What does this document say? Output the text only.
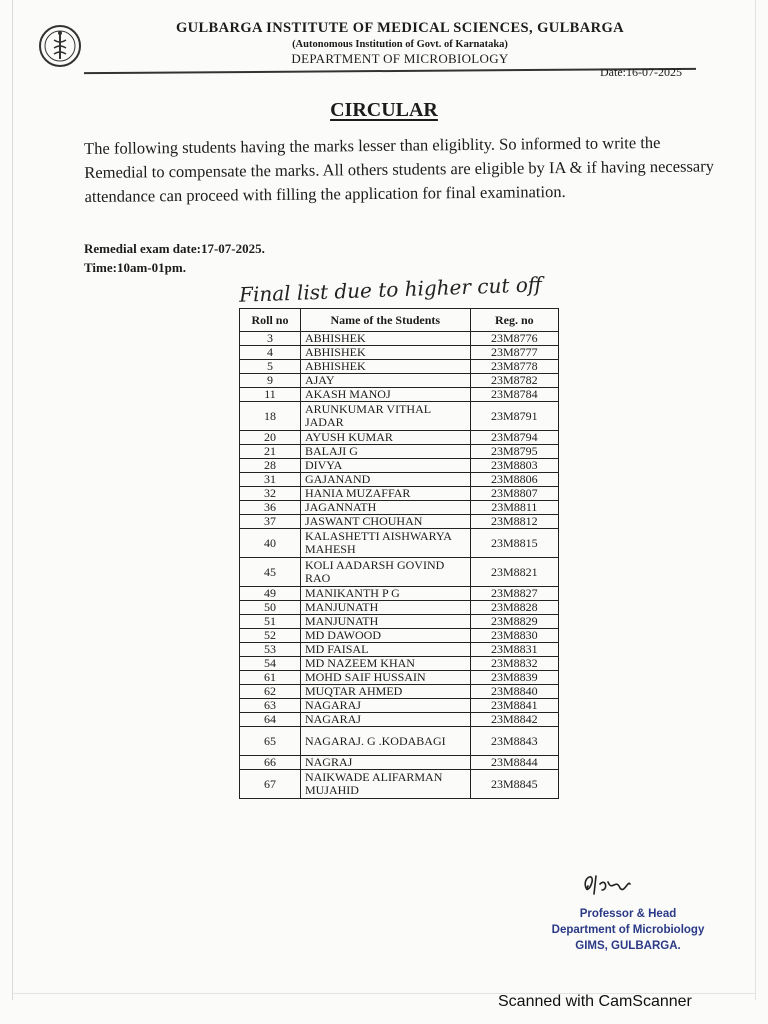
GULBARGA INSTITUTE OF MEDICAL SCIENCES, GULBARGA
(Autonomous Institution of Govt. of Karnataka)
DEPARTMENT OF MICROBIOLOGY
Date:16-07-2025
CIRCULAR
The following students having the marks lesser than eligiblity. So informed to write the Remedial to compensate the marks. All others students are eligible by IA & if having necessary attendance can proceed with filling the application for final examination.
Remedial exam date:17-07-2025.
Time:10am-01pm.
Final list due to higher cut off
Roll no	Name of the Students	Reg. no
3	ABHISHEK	23M8776
4	ABHISHEK	23M8777
5	ABHISHEK	23M8778
9	AJAY	23M8782
11	AKASH MANOJ	23M8784
18	ARUNKUMAR VITHAL JADAR	23M8791
20	AYUSH KUMAR	23M8794
21	BALAJI G	23M8795
28	DIVYA	23M8803
31	GAJANAND	23M8806
32	HANIA MUZAFFAR	23M8807
36	JAGANNATH	23M8811
37	JASWANT CHOUHAN	23M8812
40	KALASHETTI AISHWARYA MAHESH	23M8815
45	KOLI AADARSH GOVIND RAO	23M8821
49	MANIKANTH P G	23M8827
50	MANJUNATH	23M8828
51	MANJUNATH	23M8829
52	MD DAWOOD	23M8830
53	MD FAISAL	23M8831
54	MD NAZEEM KHAN	23M8832
61	MOHD SAIF HUSSAIN	23M8839
62	MUQTAR AHMED	23M8840
63	NAGARAJ	23M8841
64	NAGARAJ	23M8842
65	NAGARAJ. G .KODABAGI	23M8843
66	NAGRAJ	23M8844
67	NAIKWADE ALIFARMAN MUJAHID	23M8845
Professor & Head
Department of Microbiology
GIMS, GULBARGA.
Scanned with CamScanner
